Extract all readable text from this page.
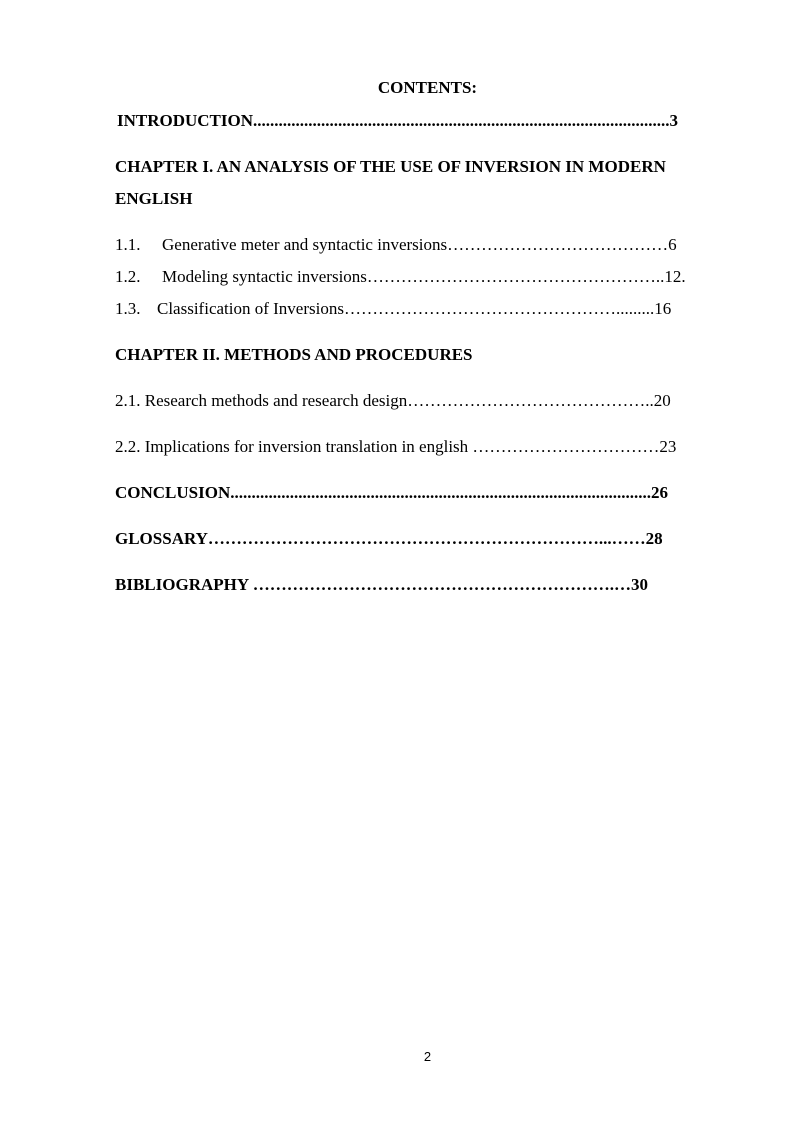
CONTENTS:
INTRODUCTION..................................................................................................3
CHAPTER I. AN ANALYSIS OF THE USE OF INVERSION IN MODERN
ENGLISH
1.1. Generative meter and syntactic inversions…………………………………6
1.2. Modeling syntactic inversions……………………………………………..12.
1.3. Classification of Inversions………………………………………….........16
CHAPTER II. METHODS AND PROCEDURES
2.1. Research methods and research design……………………………………..20
2.2. Implications for inversion translation in english ……………………………23
CONCLUSION...................................................................................................26
GLOSSARY……………………………………………………………...……28
BIBLIOGRAPHY ……………………………………………………….…30
2
